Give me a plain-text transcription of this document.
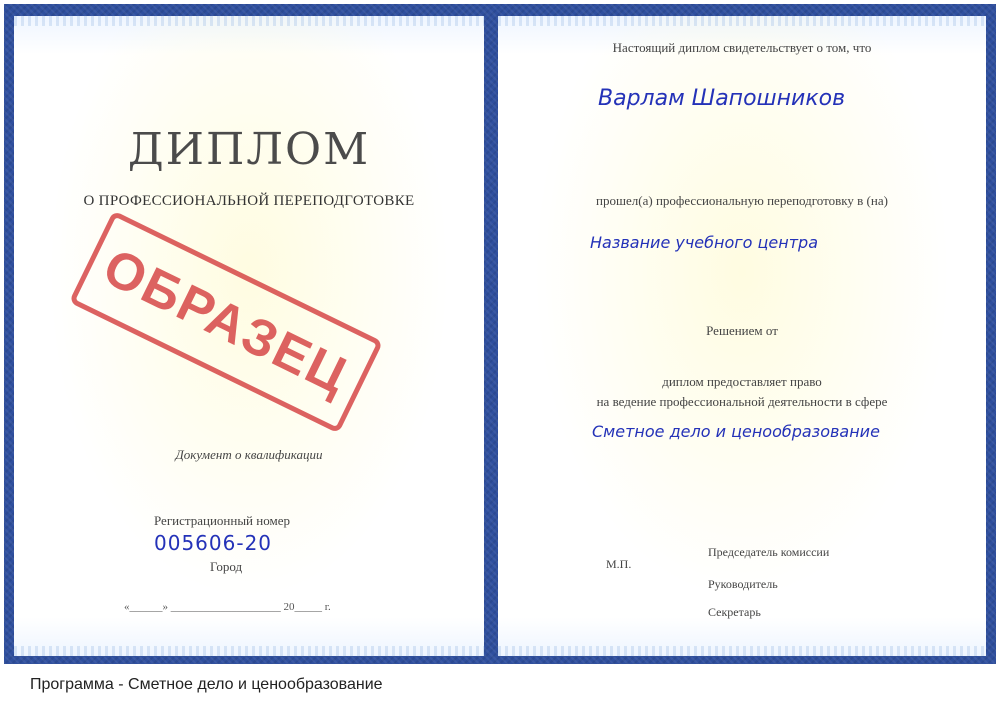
ДИПЛОМ
О ПРОФЕССИОНАЛЬНОЙ ПЕРЕПОДГОТОВКЕ
ОБРАЗЕЦ
Документ о квалификации
Регистрационный номер
005606-20
Город
«______» ____________________ 20_____ г.
Настоящий диплом свидетельствует о том, что
Варлам Шапошников
прошел(а) профессиональную переподготовку в (на)
Название учебного центра
Решением от
диплом предоставляет право
на ведение профессиональной деятельности в сфере
Сметное дело и ценообразование
М.П.
Председатель комиссии
Руководитель
Секретарь
Программа - Сметное дело и ценообразование
